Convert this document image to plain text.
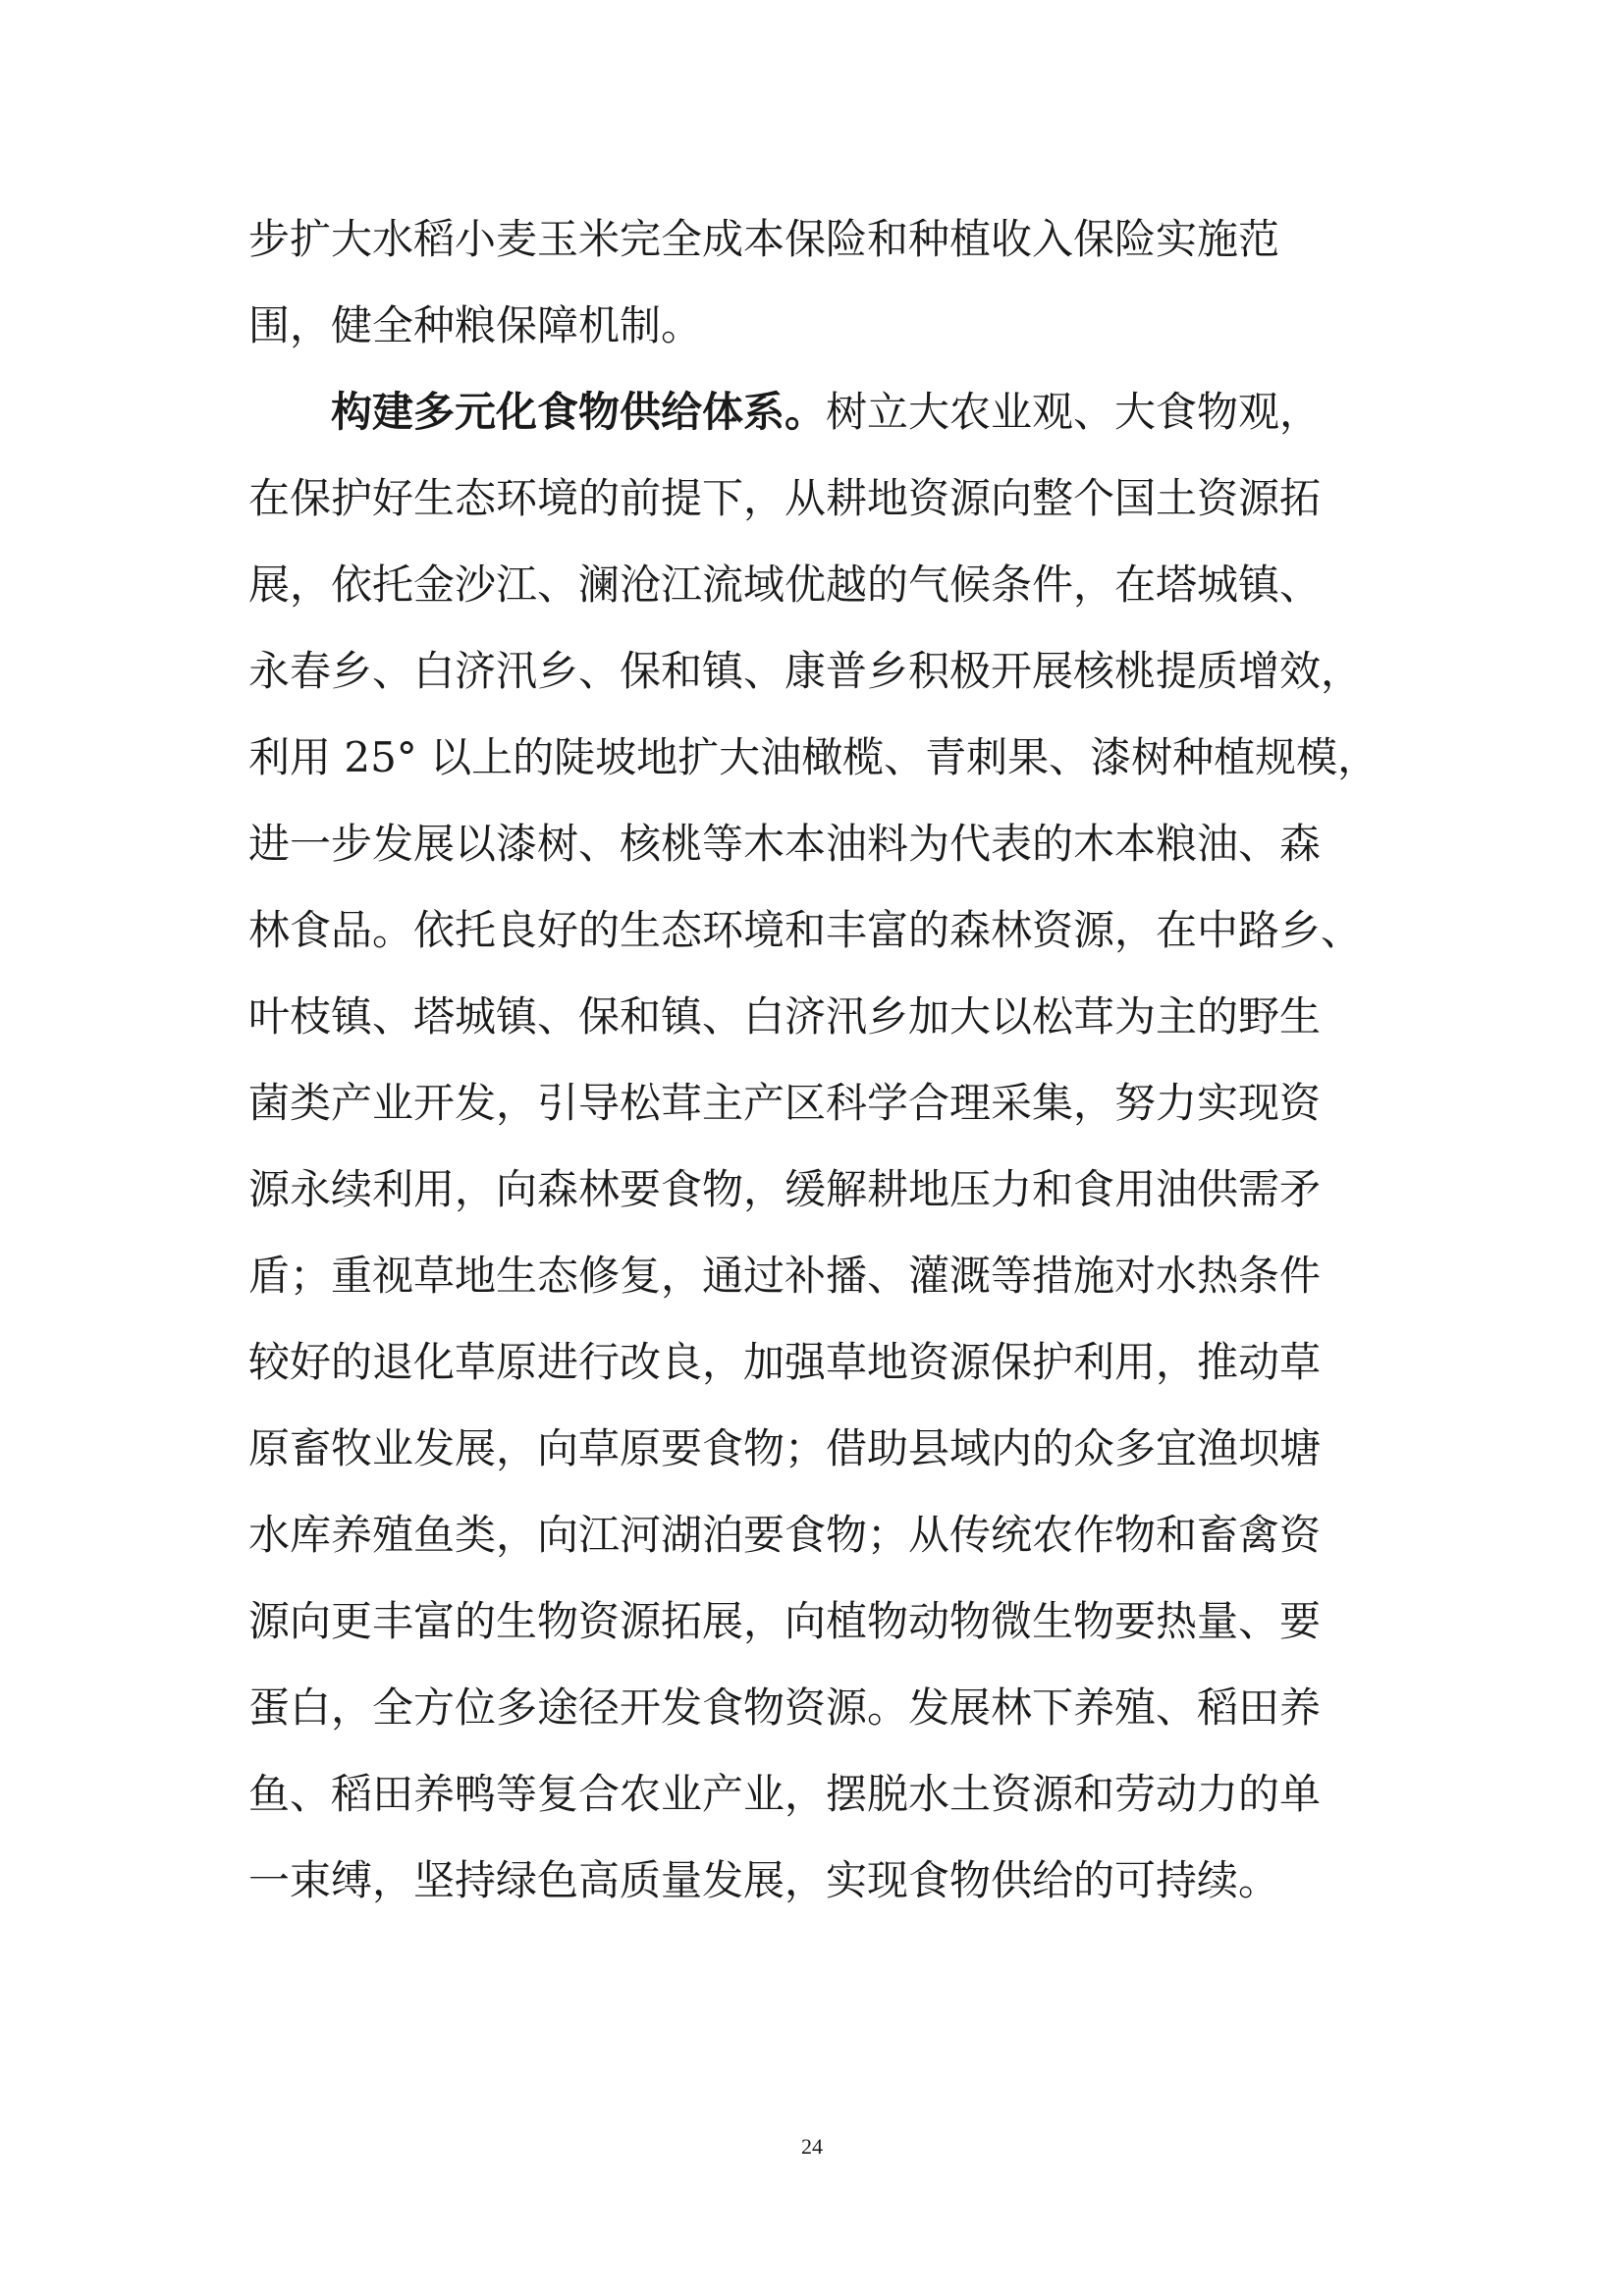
步扩大水稻小麦玉米完全成本保险和种植收入保险实施范
围，健全种粮保障机制。
构建多元化食物供给体系。树立大农业观、大食物观，
在保护好生态环境的前提下，从耕地资源向整个国土资源拓
展，依托金沙江、澜沧江流域优越的气候条件，在塔城镇、
永春乡、白济汛乡、保和镇、康普乡积极开展核桃提质增效，
利用 25° 以上的陡坡地扩大油橄榄、青刺果、漆树种植规模，
进一步发展以漆树、核桃等木本油料为代表的木本粮油、森
林食品。依托良好的生态环境和丰富的森林资源，在中路乡、
叶枝镇、塔城镇、保和镇、白济汛乡加大以松茸为主的野生
菌类产业开发，引导松茸主产区科学合理采集，努力实现资
源永续利用，向森林要食物，缓解耕地压力和食用油供需矛
盾；重视草地生态修复，通过补播、灌溉等措施对水热条件
较好的退化草原进行改良，加强草地资源保护利用，推动草
原畜牧业发展，向草原要食物；借助县域内的众多宜渔坝塘
水库养殖鱼类，向江河湖泊要食物；从传统农作物和畜禽资
源向更丰富的生物资源拓展，向植物动物微生物要热量、要
蛋白，全方位多途径开发食物资源。发展林下养殖、稻田养
鱼、稻田养鸭等复合农业产业，摆脱水土资源和劳动力的单
一束缚，坚持绿色高质量发展，实现食物供给的可持续。
24
